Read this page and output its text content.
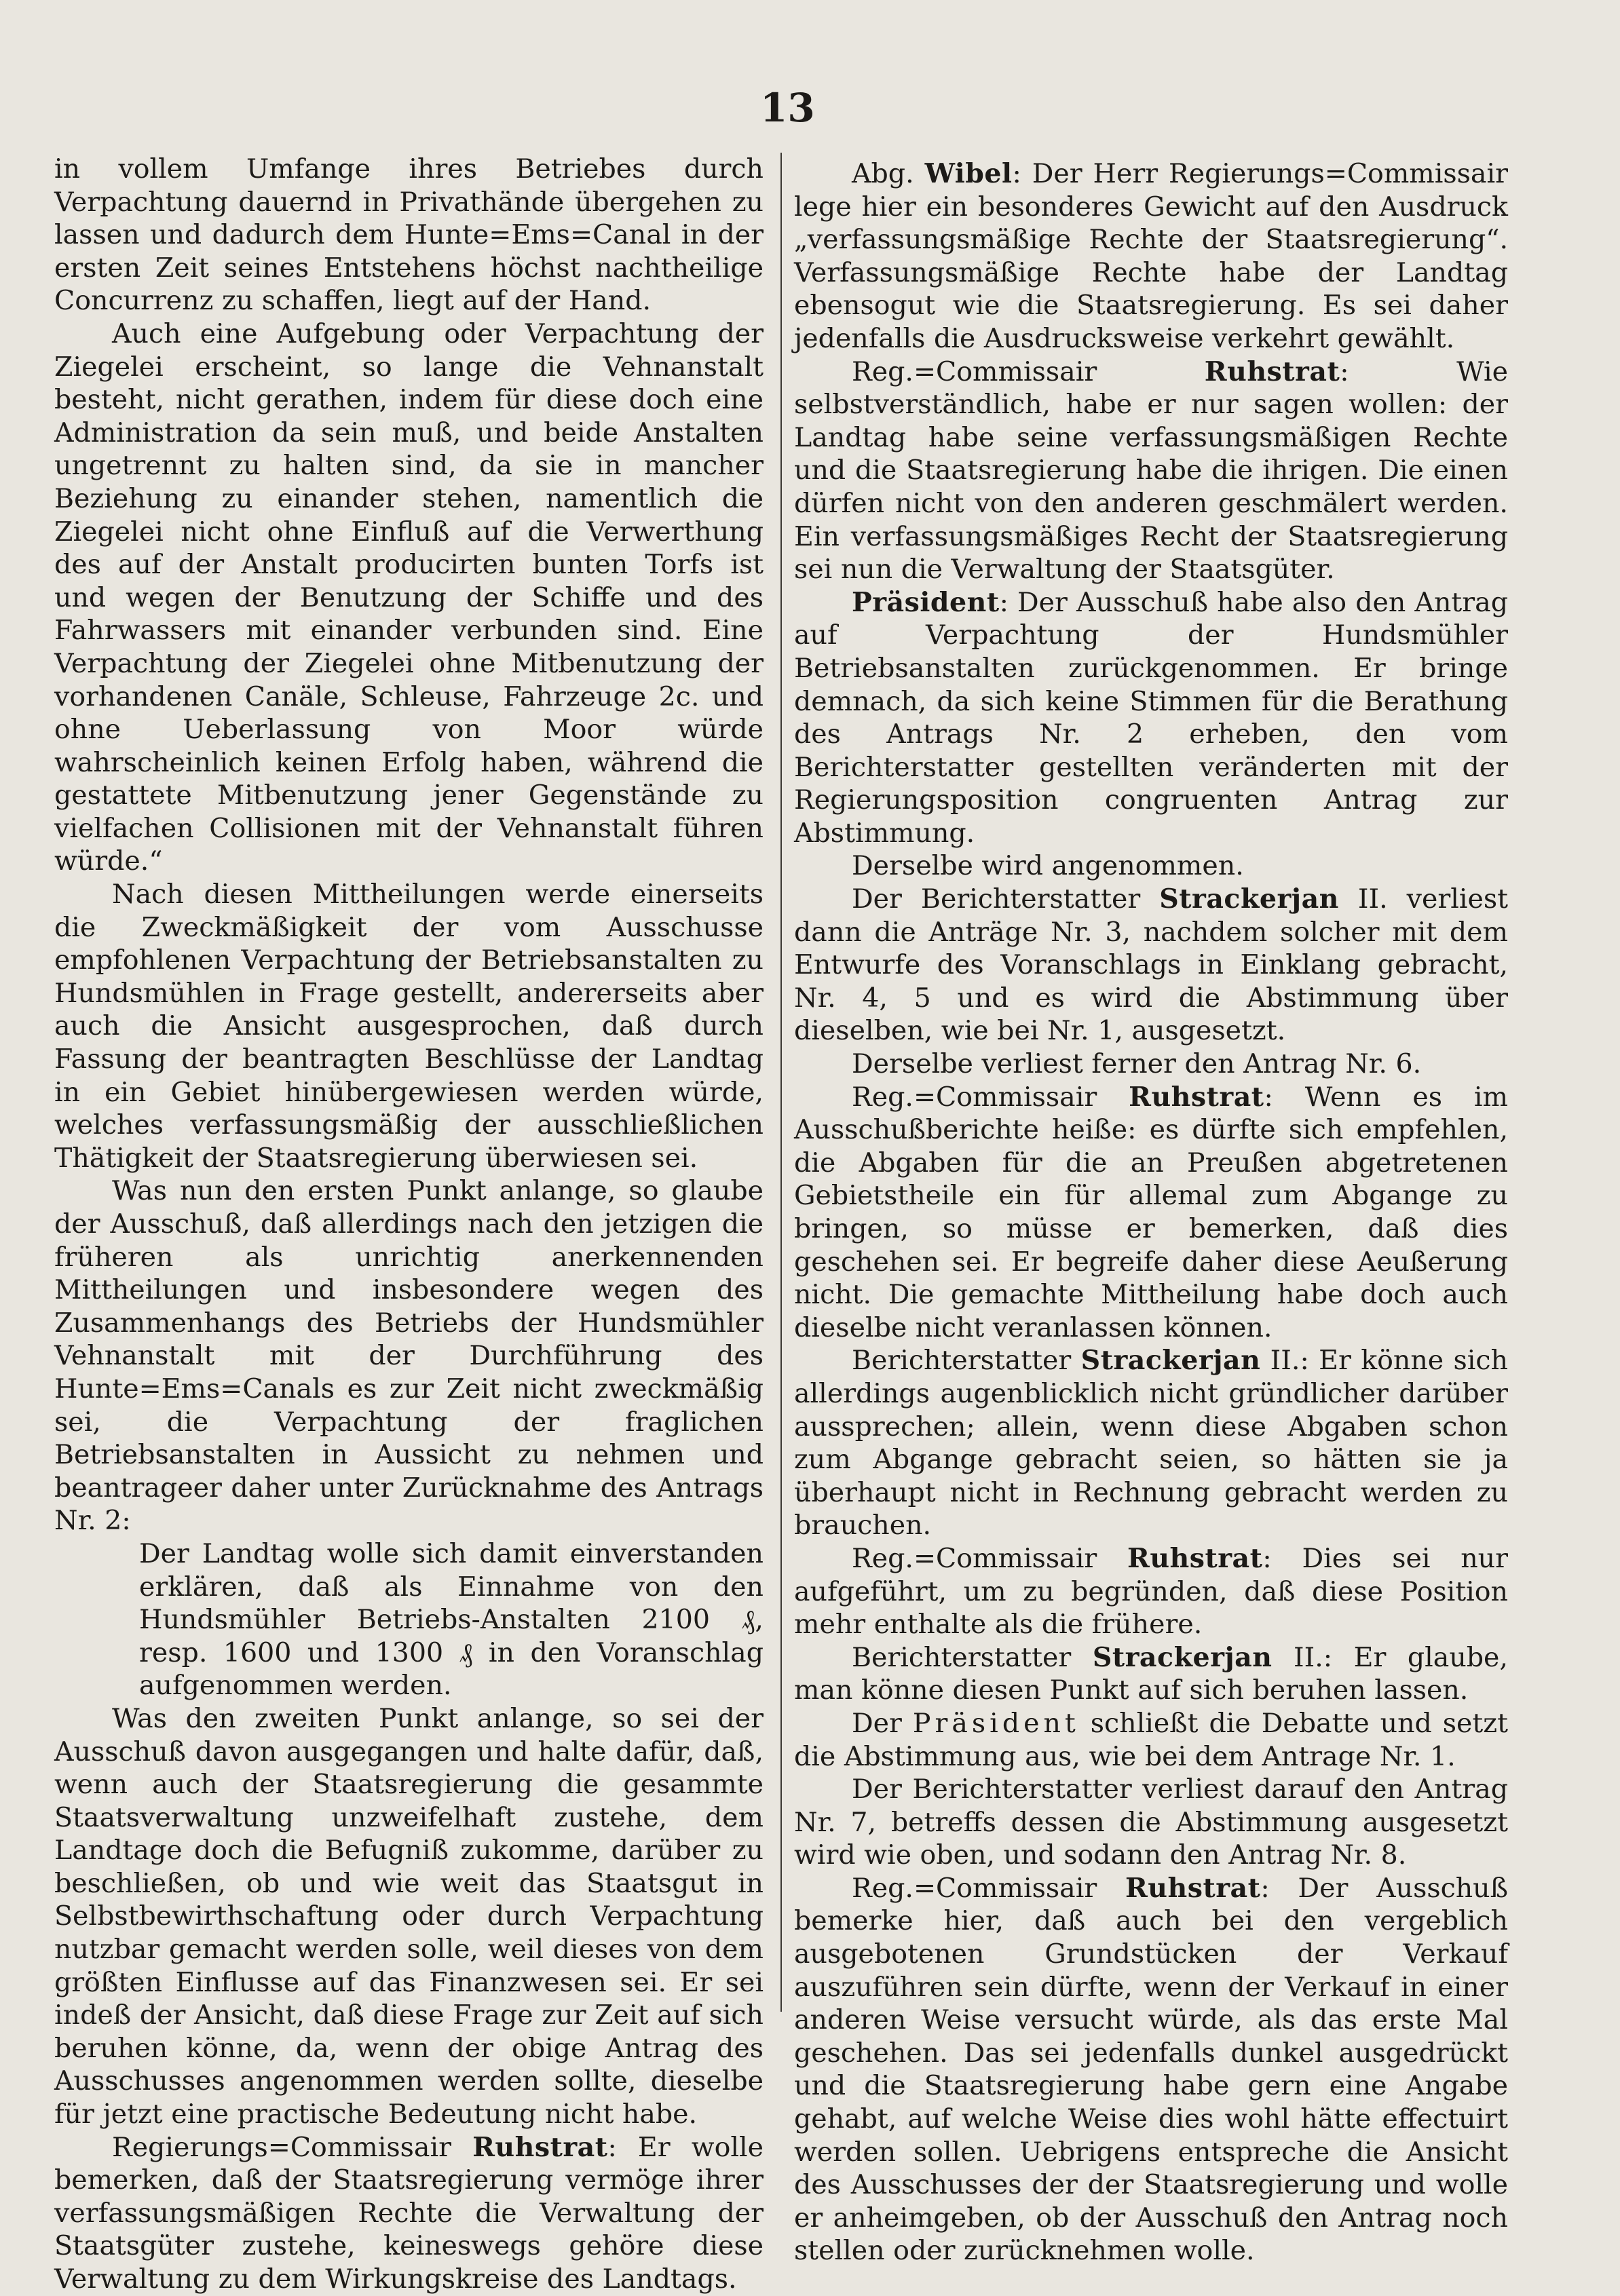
13

in vollem Umfange ihres Betriebes durch Verpachtung dauernd in Privathände übergehen zu lassen und dadurch dem Hunte=Ems=Canal in der ersten Zeit seines Entstehens höchst nachtheilige Concurrenz zu schaffen, liegt auf der Hand.

Auch eine Aufgebung oder Verpachtung der Ziegelei erscheint, so lange die Vehnanstalt besteht, nicht gerathen, indem für diese doch eine Administration da sein muß, und beide Anstalten ungetrennt zu halten sind, da sie in mancher Beziehung zu einander stehen, namentlich die Ziegelei nicht ohne Einfluß auf die Verwerthung des auf der Anstalt producirten bunten Torfs ist und wegen der Benutzung der Schiffe und des Fahrwassers mit einander verbunden sind. Eine Verpachtung der Ziegelei ohne Mitbenutzung der vorhandenen Canäle, Schleuse, Fahrzeuge 2c. und ohne Ueberlassung von Moor würde wahrscheinlich keinen Erfolg haben, während die gestattete Mitbenutzung jener Gegenstände zu vielfachen Collisionen mit der Vehnanstalt führen würde.“

Nach diesen Mittheilungen werde einerseits die Zweckmäßigkeit der vom Ausschusse empfohlenen Verpachtung der Betriebsanstalten zu Hundsmühlen in Frage gestellt, andererseits aber auch die Ansicht ausgesprochen, daß durch Fassung der beantragten Beschlüsse der Landtag in ein Gebiet hinübergewiesen werden würde, welches verfassungsmäßig der ausschließlichen Thätigkeit der Staatsregierung überwiesen sei.

Was nun den ersten Punkt anlange, so glaube der Ausschuß, daß allerdings nach den jetzigen die früheren als unrichtig anerkennenden Mittheilungen und insbesondere wegen des Zusammenhangs des Betriebs der Hundsmühler Vehnanstalt mit der Durchführung des Hunte=Ems=Canals es zur Zeit nicht zweckmäßig sei, die Verpachtung der fraglichen Betriebsanstalten in Aussicht zu nehmen und beantrageer daher unter Zurücknahme des Antrags Nr. 2:

Der Landtag wolle sich damit einverstanden erklären, daß als Einnahme von den Hundsmühler Betriebs-Anstalten 2100 ₰, resp. 1600 und 1300 ₰ in den Voranschlag aufgenommen werden.

Was den zweiten Punkt anlange, so sei der Ausschuß davon ausgegangen und halte dafür, daß, wenn auch der Staatsregierung die gesammte Staatsverwaltung unzweifelhaft zustehe, dem Landtage doch die Befugniß zukomme, darüber zu beschließen, ob und wie weit das Staatsgut in Selbstbewirthschaftung oder durch Verpachtung nutzbar gemacht werden solle, weil dieses von dem größten Einflusse auf das Finanzwesen sei. Er sei indeß der Ansicht, daß diese Frage zur Zeit auf sich beruhen könne, da, wenn der obige Antrag des Ausschusses angenommen werden sollte, dieselbe für jetzt eine practische Bedeutung nicht habe.

Regierungs=Commissair Ruhstrat: Er wolle bemerken, daß der Staatsregierung vermöge ihrer verfassungsmäßigen Rechte die Verwaltung der Staatsgüter zustehe, keineswegs gehöre diese Verwaltung zu dem Wirkungskreise des Landtags.

Abg. Wibel: Der Herr Regierungs=Commissair lege hier ein besonderes Gewicht auf den Ausdruck „verfassungsmäßige Rechte der Staatsregierung“. Verfassungsmäßige Rechte habe der Landtag ebensogut wie die Staatsregierung. Es sei daher jedenfalls die Ausdrucksweise verkehrt gewählt.

Reg.=Commissair	Ruhstrat: Wie selbstverständlich, habe er nur sagen wollen: der Landtag habe seine verfassungsmäßigen Rechte und die Staatsregierung habe die ihrigen. Die einen dürfen nicht von den anderen geschmälert werden. Ein verfassungsmäßiges Recht der Staatsregierung sei nun die Verwaltung der Staatsgüter.

Präsident: Der Ausschuß habe also den Antrag auf Verpachtung der Hundsmühler Betriebsanstalten zurückgenommen. Er bringe demnach, da sich keine Stimmen für die Berathung des Antrags Nr. 2 erheben, den vom Berichterstatter gestellten veränderten mit der Regierungsposition congruenten Antrag zur Abstimmung.

Derselbe wird angenommen.

Der Berichterstatter Strackerjan II. verliest dann die Anträge Nr. 3, nachdem solcher mit dem Entwurfe des Voranschlags in Einklang gebracht, Nr. 4, 5 und es wird die Abstimmung über dieselben, wie bei Nr. 1, ausgesetzt.

Derselbe verliest ferner den Antrag Nr. 6.

Reg.=Commissair Ruhstrat: Wenn es im Ausschußberichte heiße: es dürfte sich empfehlen, die Abgaben für die an Preußen abgetretenen Gebietstheile ein für allemal zum Abgange zu bringen, so müsse er bemerken, daß dies geschehen sei. Er begreife daher diese Aeußerung nicht. Die gemachte Mittheilung habe doch auch dieselbe nicht veranlassen können.

Berichterstatter Strackerjan II.: Er könne sich allerdings augenblicklich nicht gründlicher darüber aussprechen; allein, wenn diese Abgaben schon zum Abgange gebracht seien, so hätten sie ja überhaupt nicht in Rechnung gebracht werden zu brauchen.

Reg.=Commissair Ruhstrat: Dies sei nur aufgeführt, um zu begründen, daß diese Position mehr enthalte als die frühere.

Berichterstatter Strackerjan II.: Er glaube, man könne diesen Punkt auf sich beruhen lassen.

Der Präsident schließt die Debatte und setzt die Abstimmung aus, wie bei dem Antrage Nr. 1.

Der Berichterstatter verliest darauf den Antrag Nr. 7, betreffs dessen die Abstimmung ausgesetzt wird wie oben, und sodann den Antrag Nr. 8.

Reg.=Commissair Ruhstrat: Der Ausschuß bemerke hier, daß auch bei den vergeblich ausgebotenen Grundstücken der Verkauf auszuführen sein dürfte, wenn der Verkauf in einer anderen Weise versucht würde, als das erste Mal geschehen. Das sei jedenfalls dunkel ausgedrückt und die Staatsregierung habe gern eine Angabe gehabt, auf welche Weise dies wohl hätte effectuirt werden sollen. Uebrigens entspreche die Ansicht des Ausschusses der der Staatsregierung und wolle er anheimgeben, ob der Ausschuß den Antrag noch stellen oder zurücknehmen wolle.
